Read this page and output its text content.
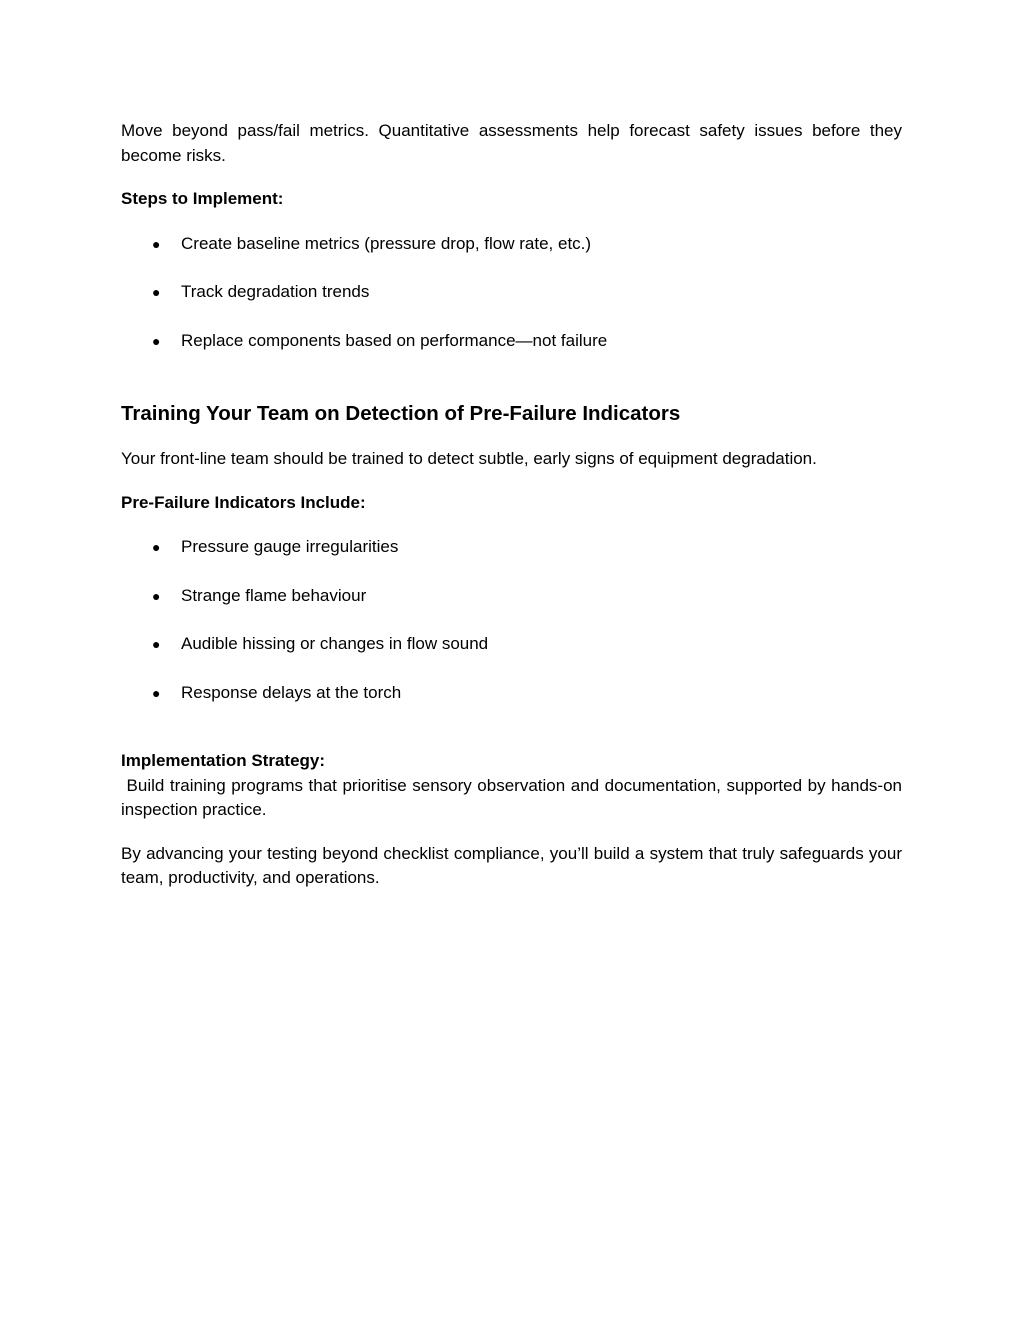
Move beyond pass/fail metrics. Quantitative assessments help forecast safety issues before they become risks.

Steps to Implement:

● Create baseline metrics (pressure drop, flow rate, etc.)
● Track degradation trends
● Replace components based on performance—not failure
Training Your Team on Detection of Pre-Failure Indicators

Your front-line team should be trained to detect subtle, early signs of equipment degradation.

Pre-Failure Indicators Include:

● Pressure gauge irregularities
● Strange flame behaviour
● Audible hissing or changes in flow sound
● Response delays at the torch

Implementation Strategy:

Build training programs that prioritise sensory observation and documentation, supported by hands-on inspection practice.

By advancing your testing beyond checklist compliance, you’ll build a system that truly safeguards your team, productivity, and operations.
